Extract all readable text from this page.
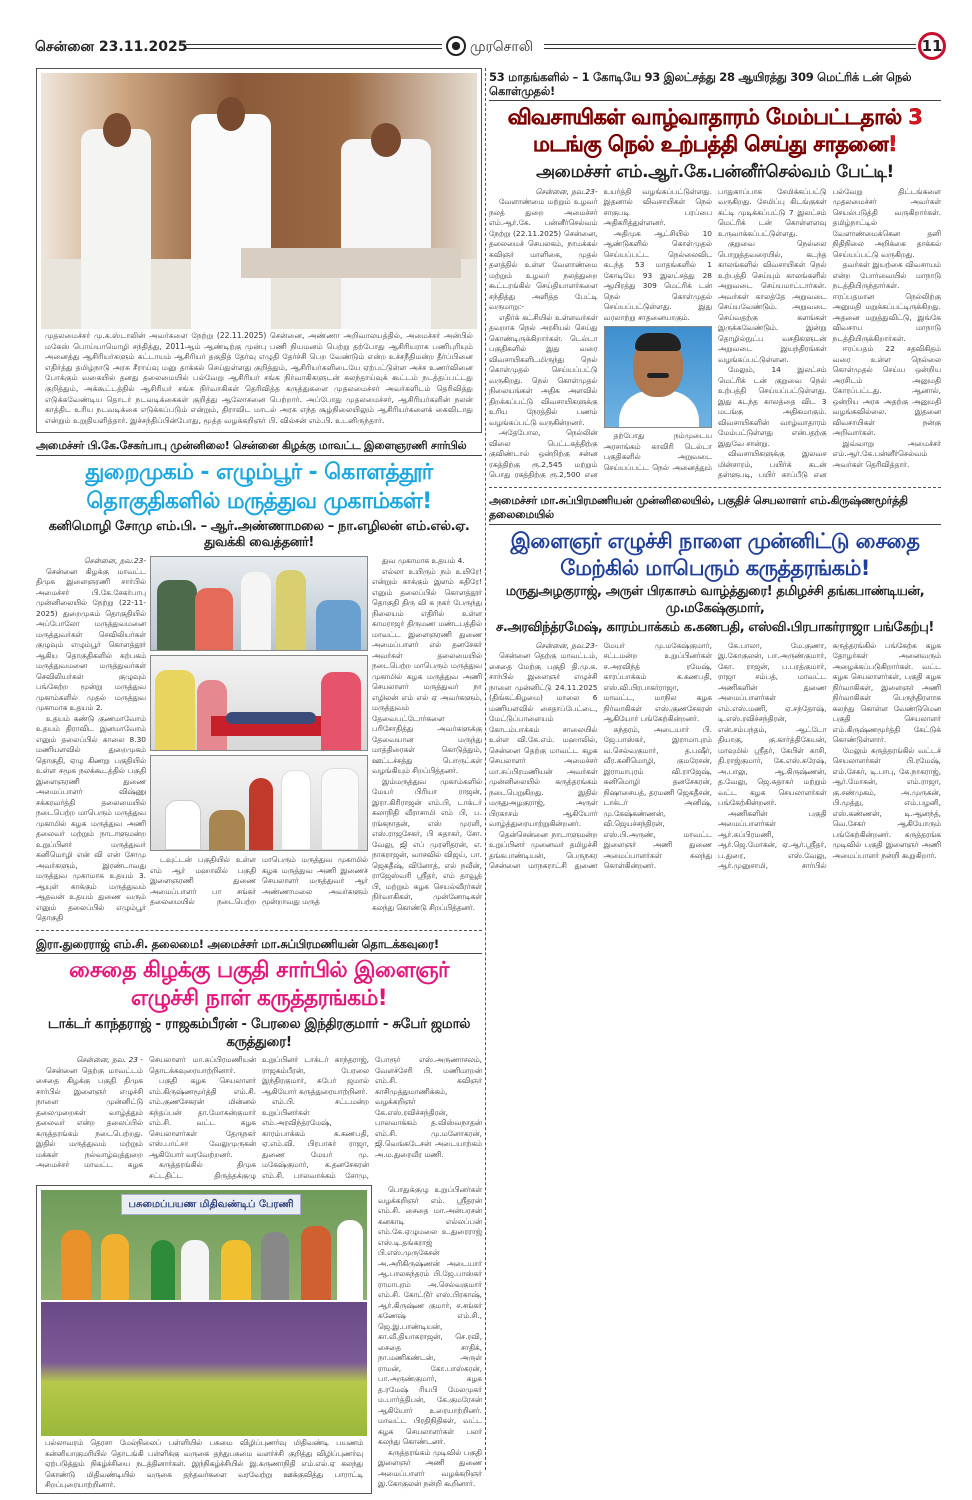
சென்னை 23.11.2025	முரசொலி	11
முதலமைச்சர் மு.க.ஸ்டாலின் அவர்களை நேற்று (22.11.2025) சென்னை, அண்ணா அறிவாலயத்தில், அமைச்சர் அன்பில் மகேஸ் பொய்யாமொழி சந்தித்து, 2011ஆம் ஆண்டிற்கு முன்பு பணி நியமனம் பெற்று தற்போது ஆசிரியராக பணிபுரியும் அனைத்து ஆசிரியர்களும் கட்டாயம் ஆசிரியர் தகுதித் தேர்வு எழுதி தேர்ச்சி பெற வேண்டும் என்ற உச்சநீதிமன்ற தீர்ப்பினை எதிர்த்து தமிழ்நாடு அரசு சீராய்வு மனு தாக்கல் செய்துள்ளது குறித்தும், ஆசிரியர்களிடையே ஏற்பட்டுள்ள அச்ச உணர்வினை போக்கும் வகையில் தனது தலைமையில் பல்வேறு ஆசிரியர் சங்க நிர்வாகிகளுடன் கலந்தாய்வுக் கூட்டம் நடத்தப்பட்டது குறித்தும், அக்கூட்டத்தில் ஆசிரியர் சங்க நிர்வாகிகள் தெரிவித்த கருத்துகளை முதலமைச்சர் அவர்களிடம் தெரிவித்து எடுக்கவேண்டிய தொடர் நடவடிக்கைகள் குறித்து ஆலோசனை பெற்றார். அப்போது முதலமைச்சர், ஆசிரியர்களின் நலன் காத்திட உரிய நடவடிக்கை எடுக்கப்படும் என்றும், திராவிட மாடல் அரசு எந்த சூழ்நிலையிலும் ஆசிரியர்களைக் கைவிடாது என்றும் உறுதியளித்தார். இச்சந்திப்பின்போது, மூத்த வழக்கறிஞர் பி. வில்சன் எம்.பி. உடனிருந்தார்.
அமைச்சர் பி.கே.சேகர்பாபு முன்னிலை! சென்னை கிழக்கு மாவட்ட இளைஞரணி சார்பில்
துறைமுகம் - எழும்பூர் - கொளத்தூர் தொகுதிகளில் மருத்துவ முகாம்கள்!
கனிமொழி சோமு எம்.பி. – ஆர்.அண்ணாமலை – நா.எழிலன் எம்.எல்.ஏ. துவக்கி வைத்தனர்!

சென்னை, நவ.23-

சென்னை கிழக்கு மாவட்ட திமுக இளைஞரணி சார்பில் அமைச்சர் பி.கே.சேகர்பாபு முன்னிலையில் நேற்று (22-11-2025) துறைமுகம் தொகுதியில் அப்போலோ மருத்துவமனை மருத்துவர்கள் செவிலியர்கள் குழுவும் எழும்பூர் கொளத்தூர் ஆகிய தொகுதிகளில் கற்பகம் மருத்துவமனை மருத்துவர்கள் செவிலியர்கள் குழுவும் பங்கேற்ற மூன்று மருத்துவ முகாம்களில் முதல் மருத்துவ முகாமாக உதயம் 2.

உதயம் கண்டு குணமாவோம் உதயம் திராவிட இனமாவோம் எனும் தலைப்பில் காலை 8.30 மணியளவில் துறைமுகம் தொகுதி, ஏழு கிணறு பகுதியில் உள்ள சமூக நலக்கூடத்தில் பகுதி இளைஞரணி துணை அமைப்பாளர் விஷ்ணு சக்கரவர்த்தி தலைமையில் நடைபெற்ற மாபெரும் மருத்துவ முகாமில் கழக மருத்துவ அணி தலைவர் மற்றும் நாடாளுமன்ற உறுப்பினர் மருத்துவர் கனிமொழி என் வி என் சோமு அவர்களும், இரண்டாவது மருத்துவ முகாமாக உதயம் 3. ஆயுள் காக்கும் மருத்துவம் ஆதவன் உதயம் துணை வரும் எனும் தலைப்பில் எழும்பூர் தொகுதி

டவுட்டன் பகுதியில் உள்ள எம் ஆர் மஹாலில் பகுதி இளைஞரணி துணை அமைப்பாளர் பா சங்கர் தலைமையில் நடைபெற்ற மாபெரும் மருத்துவ முகாமில் கழக மருத்துவ அணி இணைச் செயலாளர் மருத்துவர் ஆர் அண்ணாமலை அவர்களும் மூன்றாவது மருத்

துவ முகாமாக உதயம் 4.

எல்லா உயிரும் நம் உயிரே! என்றும் காக்கும் இளம் கதிரே! எனும் தலைப்பில் கொளத்தூர் தொகுதி திரு வி க நகர் பேருந்து நிலையம் எதிரில் உள்ள காமராஜர் திருமண மண்டபத்தில் மாவட்ட இளைஞரணி துணை அமைப்பாளர் எல் தனசேகர் அவர்கள் தலைமையில் நடைபெற்ற மாபெரும் மருத்துவ முகாமில் கழக மருத்துவ அணி செயலாளர் மருத்துவர் நா எழிலன் எம் எல் ஏ அவர்களும், மருத்துவம் தேவைபட்டோர்களை பரிசோதித்து அவர்களுக்கு தேவையான மருந்து மாத்திரைகள் கொடுத்தும், ஊட்டச்சத்து பொருட்கள் வழங்கியும் சிறப்பித்தனர்.

இம்மருத்துவ முகாம்களில் மேயர் பிரியா ராஜன், இரா.கிரிராஜன் எம்.பி, டாக்டர் கலாநிதி வீராசாமி எம் பி, ப. ரங்கநாதன், எஸ் முரளி, எஸ்.ராஜசேகர், பி சுதாகர், சோ. வேலு, ஜி எப் முரளிதரன், எ. நாகராஜன், வாசவில் விஜய், பா. ஜெகதீஷ், வினோத், எல் நவீன், ராஜேஸ்வரி ஸ்ரீதர், எம் தாவூத் பி, மற்றும் கழக செயல்வீரர்கள் நிர்வாகிகள், முன்னோடிகள் கலந்து கொண்டு சிறப்பித்தனர்.

இரா.துரைராஜ் எம்.சி. தலைமை! அமைச்சர் மா.சுப்பிரமணியன் தொடக்கவுரை!
சைதை கிழக்கு பகுதி சார்பில் இளைஞர் எழுச்சி நாள் கருத்தரங்கம்!
டாக்டர் காந்தராஜ் - ராஜகம்பீரன் - பேரலை இந்திரகுமார் - சுபேர் ஜமால் கருத்துரை!

சென்னை, நவ. 23 -

சென்னை தெற்கு மாவட்டம் சைதை கிழக்கு பகுதி திமுக சார்பில் இளைஞர் எழுச்சி நாளை முன்னிட்டு தலைமுறைகள் வாழ்த்தும் தலைவர் என்ற தலைப்பில் கருத்தரங்கம் நடைபெற்றது. இதில் மருத்துவம் மற்றும் மக்கள் நல்வாழ்வுத்துறை அமைச்சர் மாவட்ட கழக செயலாளர் மா.சுப்பிரமணியன் தொடக்கவுரையாற்றினார்.

பகுதி கழக செயலாளர் எம்.கிருஷ்ணமூர்த்தி எம்.சி. எம்.குணசேகரன் மின்னல் கந்தப்பன் தா.மோகன்குமார் எம்.சி. வட்ட கழக செயலாளர்கள் தேருநகர் எஸ்.பாட்சா வேலுமுருகன் ஆகியோர் வரவேற்றனர்.

கருத்தரங்கில் திமுக சட்டதிட்ட திருத்தக்குழு உறுப்பினர் டாக்டர் காந்தராஜ், ராஜகம்பீரன், பேரலை இந்திரகுமார், சுபேர் ஜமால் ஆகியோர் கருத்துரையாற்றினர்.

எம்.பி. சட்டமன்ற உறுப்பினர்கள் எம்.அரவிந்த்ரமேஷ், காரம்பாக்கம் க.கணபதி, ஏ.எம்.வி. பிரபாகர் ராஜா, துணை மேயர் மு. மகேஷ்குமார், க.தனசேகரன் எம்.சி. பாலவாக்கம் சோமு, போரூர் எஸ்.அருணாசலம், வேளச்சேரி பி. மணிமாறன் எம்.சி. கவிஞர் காசிமுத்துமாணிக்கம், வழக்கறிஞர் கே.எஸ்.ரவிச்சந்திரன், பாலவாக்கம் த.விஸ்வநாதன் எம்.சி. மு.மனோகரன், ஜி.வெங்கடேசன் அடையாற்கம் அ.ம.துரைவீர மணி.

பசுமைப்பயண மிதிவண்டிப் பேரணி
பல்லாவரம் தெரசா மேல்நிலைப் பள்ளியில் பசுமை விழிப்புணர்வு மிதிவண்டி பயணம் கன்னியாகுமரியில் தொடங்கி பள்ளிக்கு வருகை தந்துபசுமை வளர்ச்சி குறித்து விழிப்புணர்வு ஏற்படுத்தும் நிகழ்ச்சியை நடத்தினார்கள். இந்நிகழ்ச்சியில் இ.கருணாநிதி எம்.எல்.ஏ கலந்து கொண்டு மிதிவண்டியில் வருகை தந்தவர்களை வரவேற்று ஊக்குவித்து பாராட்டி சிறப்புரையாற்றினார்.

பொதுக்குழு உறுப்பினர்கள் வழக்கறிஞர் எம். ஸ்ரீதரன் எம்.சி. சைதை மா.அன்பரசன் கனகாடி எல்லப்பன் எம்.கே.ஏழுமலை உ.துரைராஜ் எஸ்.டி.தங்கராஜ் பி.எஸ்.முருகேசன் அ.அரிகிருஷ்ணன் அடையார் ஆ.பாலசுந்தரம் பி.ஜே.பாஸ்கர் ராமாபுரம் அ.செல்வகுமார் எம்.சி. கோட்டூர் எஸ்.பிரகாஷ், ஆர்.கிருஷ்ண குமார், ச.சங்கர் கணேஷ் எம்.சி., ஜெ.இ.பாண்டியன், கா.வீ.தியாகராஜன், செ.ரவி, சைதை சாதிக், நா.மணிகண்டன், அருள் ராமன், கோ.பாஸ்கரன், பா.அருண்குமார், கழக த.ரமேஷ் ரியபி மேலமுகர் ம.பார்த்திபன், கே.குமரேசன் ஆகியோர் உரையாற்றினர். மாவட்ட பிரதிநிதிகள், வட்ட கழக செயலாளர்கள் பலர் கலந்து கொண்டனர்.

கருத்தரங்கம் முடிவில் பகுதி இளைஞர் அணி துணை அமைப்பாளர் வழக்கறிஞர் இ.கோகுலன் நன்றி கூறினார்.

53 மாதங்களில் – 1 கோடியே 93 இலட்சத்து 28 ஆயிரத்து 309 மெட்ரிக் டன் நெல் கொள்முதல்!
விவசாயிகள் வாழ்வாதாரம் மேம்பட்டதால் 3 மடங்கு நெல் உற்பத்தி செய்து சாதனை!
அமைச்சர் எம்.ஆர்.கே.பன்னீர்செல்வம் பேட்டி!

சென்னை, நவ.23-

வேளாண்மை மற்றும் உழவர் நலத் துறை அமைச்சர் எம்.ஆர்.கே. பன்னீர்செல்வம் நேற்று (22.11.2025) சென்னை, தலைமைச் செயலகம், நாமக்கல் கவிஞர் மாளிகை, முதல் தளத்தில் உள்ள வேளாண்மை மற்றும் உழவர் நலத்துறை கூட்டரங்கில் செய்தியாளர்களை சந்தித்து அளித்த பேட்டி வருமாறு:-

எதிர்க் கட்சியில் உள்ளவர்கள் தவறாக நெல் அரசியல் செய்து கொண்டிருக்கிறார்கள். டெல்டா பகுதிகளில் இது வரை விவசாயிகளிடமிருந்து நெல் கொள்முதல் செய்யப்பட்டு வருகிறது. நெல் கொள்முதல் நிலையங்கள் அதிக அளவில் திறக்கப்பட்டு விவசாயிகளுக்கு உரிய நேரத்தில் பணம் வழங்கப்பட்டு வருகின்றனர்.

அதேபோல, நெல்லின் விலை பெட்டகத்திற்கு குவிண்டால் ஒன்றிற்கு சன்ன ரகத்திற்கு ரூ.2,545 மற்றும் பொது ரகத்திற்கு ரூ.2,500 என உயர்த்தி வழங்கப்பட்டுள்ளது. இதனால் விவசாயிகள் நெல் சாகுபடி பரப்பை அதிகரித்துள்ளனர்.

அதிமுக ஆட்சியில் 10 ஆண்டுகளில் கொள்முதல் செய்யப்பட்ட நெல்லைவிட கடந்த 53 மாதங்களில் 1 கோடியே 93 இலட்சத்து 28 ஆயிரத்து 309 மெட்ரிக் டன் நெல் கொள்முதல் செய்யப்பட்டுள்ளது. இது வரலாற்று சாதனையாகும்.

தற்போது நம்முடைய அரசாங்கம் காவிரி டெல்டா பகுதிகளில் அறுவடை செய்யப்பட்ட நெல் அனைத்தும் பாதுகாப்பாக சேமிக்கப்பட்டு வருகிறது. சேமிப்பு கிடங்குகள் கட்டி முடிக்கப்பட்டு 7 இலட்சம் மெட்ரிக் டன் கொள்ளளவு உருவாக்கப்பட்டுள்ளது.

குறுவை நெல்லை பொறுத்தவரையில், கடந்த காலங்களில் விவசாயிகள் நெல் உற்பத்தி செய்யும் காலங்களில் அறுவடை செய்யமாட்டார்கள். அவர்கள் காலத்தே அறுவடை செய்யவேண்டும். அறுவடை செய்வதற்கு களங்கள் இருக்கவேண்டும். இன்று தொழில்நுட்ப வசதிகளுடன் அறுவடை இயந்திரங்கள் வழங்கப்பட்டுள்ளன.

மேலும், 14 இலட்சம் மெட்ரிக் டன் குறுவை நெல் உற்பத்தி செய்யப்பட்டுள்ளது. இது கடந்த காலத்தை விட 3 மடங்கு அதிகமாகும். விவசாயிகளின் வாழ்வாதாரம் மேம்பட்டுள்ளது என்பதற்கு இதுவே சான்று.

விவசாயிகளுக்கு இலவச மின்சாரம், பயிர்க் கடன் தள்ளுபடி, பயிர் காப்பீடு என பல்வேறு திட்டங்களை முதலமைச்சர் அவர்கள் செயல்படுத்தி வருகிறார்கள். தமிழ்நாட்டில் வேளாண்மைக்கென தனி நிதிநிலை அறிக்கை தாக்கல் செய்யப்பட்டு வருகிறது.

தவர்கள் இயற்கை விவசாயம் என்ற போர்வையில் மாநாடு நடத்தியிருந்தார்கள். ஈரப்பதமான நெல்லிற்கு அனுமதி மறுக்கப்பட்டிருக்கிறது. அதனை மறுத்துவிட்டு, இங்கே விவசாய மாநாடு நடத்தியிருக்கிறார்கள்.

ஈரப்பதம் 22 சதவிகிதம் வரை உள்ள நெல்லை கொள்முதல் செய்ய ஒன்றிய அரசிடம் அனுமதி கோரப்பட்டது. ஆனால், ஒன்றிய அரசு அதற்கு அனுமதி வழங்கவில்லை. இதனை விவசாயிகள் நன்கு அறிவார்கள்.

இவ்வாறு அமைச்சர் எம்.ஆர்.கே.பன்னீர்செல்வம் அவர்கள் தெரிவித்தார்.

அமைச்சர் மா.சுப்பிரமணியன் முன்னிலையில், பகுதிச் செயலாளர் எம்.கிருஷ்ணமூர்த்தி தலைமையில்
இளைஞர் எழுச்சி நாளை முன்னிட்டு சைதை மேற்கில் மாபெரும் கருத்தரங்கம்!
மருதுஅழகுராஜ், அருள் பிரகாசம் வாழ்த்துரை! தமிழச்சி தங்கபாண்டியன், மு.மகேஷ்குமார்,
ச.அரவிந்த்ரமேஷ், காரம்பாக்கம் க.கணபதி, எஸ்வி.பிரபாகர்ராஜா பங்கேற்பு!

சென்னை, நவ.23-

சென்னை தெற்கு மாவட்டம், சைதை மேற்கு பகுதி தி.மு.க. சார்பில் இளைஞர் எழுச்சி நாளை முன்னிட்டு 24.11.2025 (திங்கட்கிழமை) மாலை 6 மணியளவில் சைதாப்பேட்டை, மேட்டுப்பாளையம் கோடம்பாக்கம் சாலையில் உள்ள வி.கே.எம். மஹாலில், சென்னை தெற்கு மாவட்ட கழக செயலாளர் அமைச்சர் மா.சுப்பிரமணியன் அவர்கள் முன்னிலையில் கருத்தரங்கம் நடைபெறுகிறது. இதில் மருதுஅழகுராஜ், அருள் பிரகாசம் ஆகியோர் வாழ்த்துரையாற்றுகின்றனர்.

தென்சென்னை நாடாளுமன்ற உறுப்பினர் முனைவர் தமிழச்சி தங்கபாண்டியன், பெருநகர சென்னை மாநகராட்சி துணை மேயர் மு.மகேஷ்குமார், சட்டமன்ற உறுப்பினர்கள் ச.அரவிந்த் ரமேஷ், காரப்பாக்கம் க.கணபதி, எஸ்.வி.பிரபாகர்ராஜா, மாவட்ட, மாநில கழக நிர்வாகிகள் எஸ்.குணசேகரன் ஆகியோர் பங்கேற்கின்றனர்.

சுந்தரம், அடையார் பி. ஜே.பாஸ்கர், இராமாபுரம் வ.செல்வகுமார், த.பஷீர், வீர.கனிமொழி, குமரேசன், இராமாபுரம் வி.ராஜேஷ், கனிமொழி தனசேகரன், நிஷாசையத், தரமணி ஜெகதீசன், டாக்டர் அனிஷ், மு.கேஷ்கண்ணன், வி.ஜெயச்சந்திரன், எஸ்.பி.அருண், மாவட்ட இளைஞர் அணி துணை அமைப்பாளர்கள் கலந்து கொள்கின்றனர்.

கே.பாலா, மே.குணா, இ.கோகுலன், பா.அருண்குமார், கோ. ராஜன், ப.பரத்குமார், ராஜா சம்பத், மாவட்ட அணிகளின் துணை அமைப்பாளர்கள் எம்.எஸ்.மணி, ஏ.சந்தோஷ், டி.எஸ்.ரவிச்சந்திரன், என்.சம்பந்தம், ஆட்டோ தியாகு, கு.கார்த்திகேயன், மாவுமில் ஸ்ரீதர், கேபிள் காசி, தி.ராஜ்குமார், கே.எஸ்.சுரேஷ், அ.பாலு, ஆ.கிருஷ்ணன், த.வேலு, ஜெ.சுதாகர் மற்றும் வட்ட கழக செயலாளர்கள் பங்கேற்கின்றனர்.

அணிகளின் பகுதி அமைப்பாளர்கள் ஆர்.சுப்பிரமணி, ஆர்.ஜெ.மோகன், ஏ.ஆர்.ஸ்ரீதர், ப.துரை, எஸ்.வேலு, ஆர்.முனுசாமி, சார்பில் கருத்தரங்கில் பங்கேற்க கழக தோழர்கள் அனைவரும் அழைக்கப்படுகிறார்கள். வட்ட கழக செயலாளர்கள், பகுதி கழக நிர்வாகிகள், இளைஞர் அணி நிர்வாகிகள் பெருந்திரளாக கலந்து கொள்ள வேண்டுமென பகுதி செயலாளர் எம்.கிருஷ்ணமூர்த்தி கேட்டுக் கொண்டுள்ளார்.

மேலும் கருத்தரங்கில் வட்டச் செயலாளர்கள் பி.ரமேஷ், எம்.சேகர், டி.பாபு, கே.நாகராஜ், ஆர்.மோகன், எம்.ராஜா, கு.சண்முகம், அ.முருகன், பி.முத்து, எம்.பழனி, எஸ்.கண்ணன், டி.ஆனந்த், வெ.சேகர் ஆகியோரும் பங்கேற்கின்றனர். கருத்தரங்க முடிவில் பகுதி இளைஞர் அணி அமைப்பாளர் நன்றி கூறுகிறார்.
